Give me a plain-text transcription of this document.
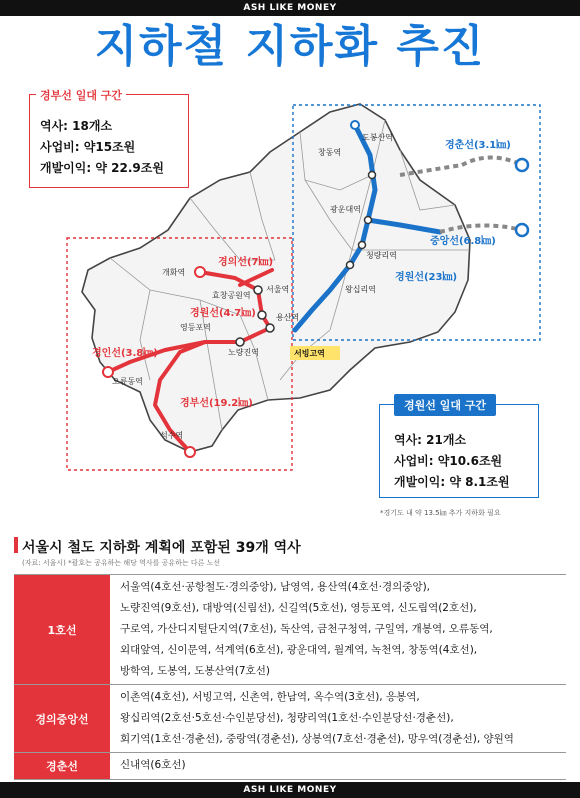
ASH LIKE MONEY
지하철 지하화 추진
경춘선(3.1㎞)
중앙선(6.8㎞)
경원선(23㎞)
경의선(7㎞)
경원선(4.7㎞)
경인선(3.8㎞)
경부선(19.2㎞)
도봉산역
창동역
광운대역
청량리역
왕십리역
개화역
효창공원역
서울역
용산역
영등포역
노량진역
오류동역
석수역
서빙고역
경부선 일대 구간
역사: 18개소
사업비: 약15조원
개발이익: 약 22.9조원
경원선 일대 구간
역사: 21개소
사업비: 약10.6조원
개발이익: 약 8.1조원
*경기도 내 약 13.5㎞ 추가 지하화 필요
서울시 철도 지하화 계획에 포함된 39개 역사
(자료: 서울시) *괄호는 공유하는 해당 역사를 공유하는 다른 노선
1호선
서울역(4호선·공항철도·경의중앙), 남영역, 용산역(4호선·경의중앙),
노량진역(9호선), 대방역(신림선), 신길역(5호선), 영등포역, 신도림역(2호선),
구로역, 가산디지털단지역(7호선), 독산역, 금천구청역, 구일역, 개봉역, 오류동역,
외대앞역, 신이문역, 석계역(6호선), 광운대역, 월계역, 녹천역, 창동역(4호선),
방학역, 도봉역, 도봉산역(7호선)
경의중앙선
이촌역(4호선), 서빙고역, 신촌역, 한남역, 옥수역(3호선), 응봉역,
왕십리역(2호선·5호선·수인분당선), 청량리역(1호선·수인분당선·경춘선),
회기역(1호선·경춘선), 중랑역(경춘선), 상봉역(7호선·경춘선), 망우역(경춘선), 양원역
경춘선	신내역(6호선)
ASH LIKE MONEY
